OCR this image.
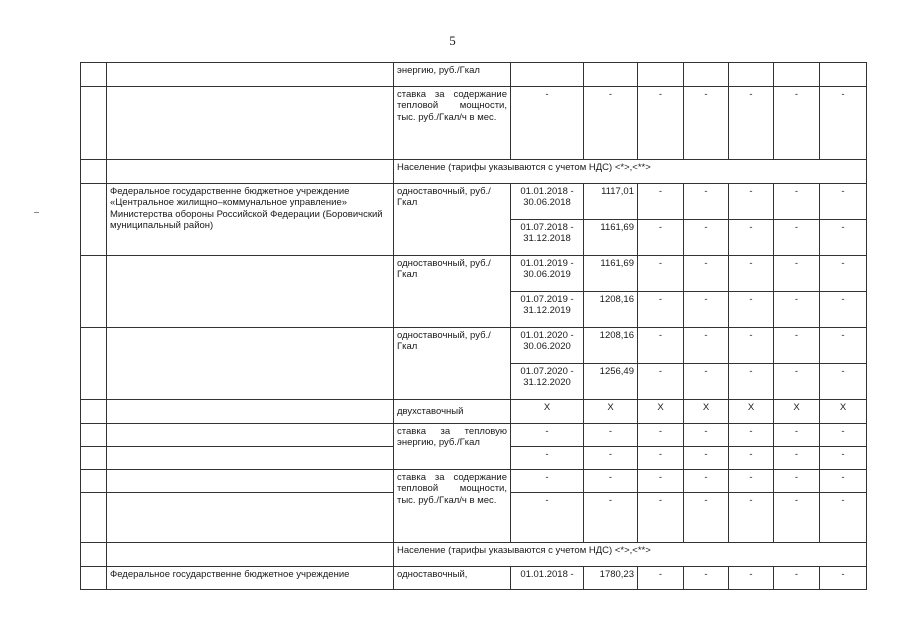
5
		энергию, руб./Гкал							
		ставка за содержание тепловой мощности, тыс. руб./Гкал/ч в мес.	-	-	-	-	-	-	-
		Население (тарифы указываются с учетом НДС) <*>,<**>							
	Федеральное государственне бюджетное учреждение «Центральное жилищно–коммунальное управление» Министерства обороны Российской Федерации (Боровичский муниципальный район)	одноставочный, руб./Гкал	01.01.2018 - 30.06.2018	1117,01	-	-	-	-	-
			01.07.2018 - 31.12.2018	1161,69	-	-	-	-	-
		одноставочный, руб./Гкал	01.01.2019 - 30.06.2019	1161,69	-	-	-	-	-
			01.07.2019 - 31.12.2019	1208,16	-	-	-	-	-
		одноставочный, руб./Гкал	01.01.2020 - 30.06.2020	1208,16	-	-	-	-	-
			01.07.2020 - 31.12.2020	1256,49	-	-	-	-	-
		двухставочный	Х	Х	Х	Х	Х	Х	Х
		ставка за тепловую энергию, руб./Гкал	-	-	-	-	-	-	-
			-	-	-	-	-	-	-
		ставка за содержание тепловой мощности, тыс. руб./Гкал/ч в мес.	-	-	-	-	-	-	-
			-	-	-	-	-	-	-
		Население (тарифы указываются с учетом НДС) <*>,<**>							
	Федеральное государственне бюджетное учреждение	одноставочный,	01.01.2018 -	1780,23	-	-	-	-	-
